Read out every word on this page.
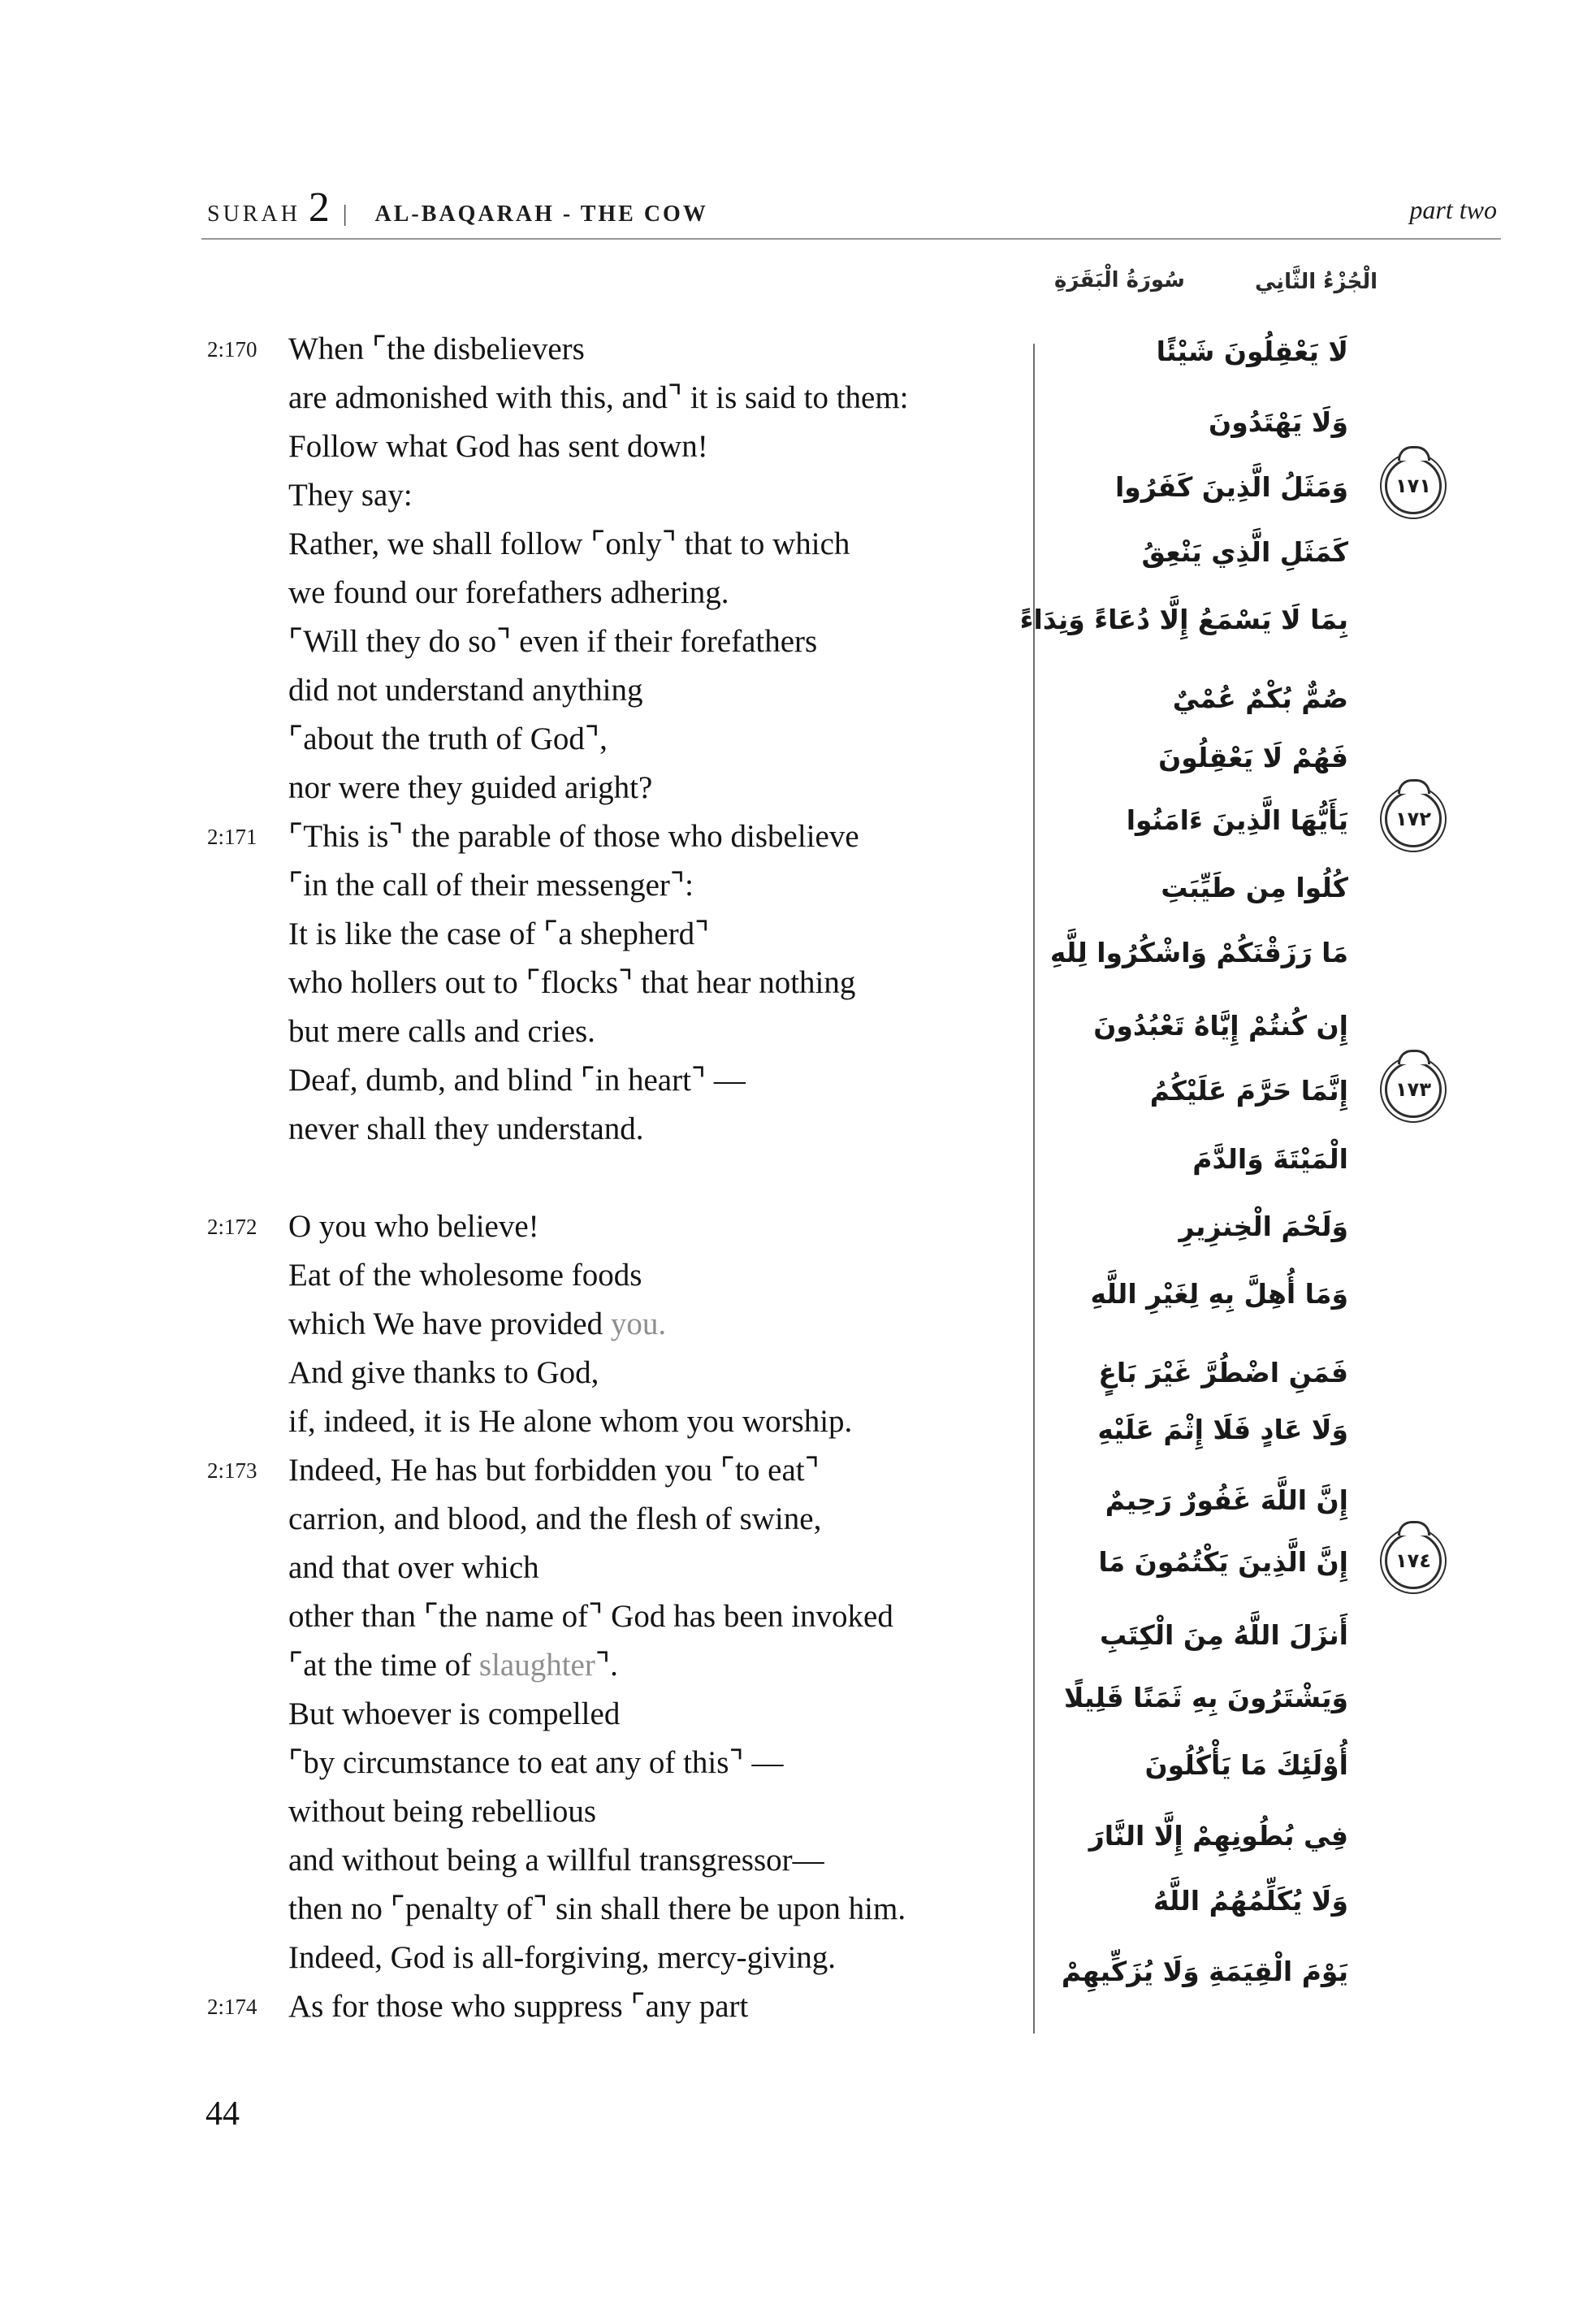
SURAH 2 | AL-BAQARAH - THE COW	part two
سُورَةُ الْبَقَرَةِ	الْجُزْءُ الثَّانِي
2:170 When ⌜the disbelievers
are admonished with this, and⌝ it is said to them:
Follow what God has sent down!
They say:
Rather, we shall follow ⌜only⌝ that to which
we found our forefathers adhering.
⌜Will they do so⌝ even if their forefathers
did not understand anything
⌜about the truth of God⌝,
nor were they guided aright?
2:171 ⌜This is⌝ the parable of those who disbelieve
⌜in the call of their messenger⌝:
It is like the case of ⌜a shepherd⌝
who hollers out to ⌜flocks⌝ that hear nothing
but mere calls and cries.
Deaf, dumb, and blind ⌜in heart⌝ —
never shall they understand.
2:172 O you who believe!
Eat of the wholesome foods
which We have provided you.
And give thanks to God,
if, indeed, it is He alone whom you worship.
2:173 Indeed, He has but forbidden you ⌜to eat⌝
carrion, and blood, and the flesh of swine,
and that over which
other than ⌜the name of⌝ God has been invoked
⌜at the time of slaughter⌝.
But whoever is compelled
⌜by circumstance to eat any of this⌝ —
without being rebellious
and without being a willful transgressor—
then no ⌜penalty of⌝ sin shall there be upon him.
Indeed, God is all-forgiving, mercy-giving.
2:174 As for those who suppress ⌜any part
لَا يَعْقِلُونَ شَيْئًا
وَلَا يَهْتَدُونَ
وَمَثَلُ الَّذِينَ كَفَرُوا	١٧١
كَمَثَلِ الَّذِي يَنْعِقُ
بِمَا لَا يَسْمَعُ إِلَّا دُعَاءً وَنِدَاءً
صُمٌّ بُكْمٌ عُمْيٌ
فَهُمْ لَا يَعْقِلُونَ
يَأَيُّهَا الَّذِينَ ءَامَنُوا	١٧٢
كُلُوا مِن طَيِّبَتِ
مَا رَزَقْنَكُمْ وَاشْكُرُوا لِلَّهِ
إِن كُنتُمْ إِيَّاهُ تَعْبُدُونَ
إِنَّمَا حَرَّمَ عَلَيْكُمُ	١٧٣
الْمَيْتَةَ وَالدَّمَ
وَلَحْمَ الْخِنزِيرِ
وَمَا أُهِلَّ بِهِ لِغَيْرِ اللَّهِ
فَمَنِ اضْطُرَّ غَيْرَ بَاغٍ
وَلَا عَادٍ فَلَا إِثْمَ عَلَيْهِ
إِنَّ اللَّهَ غَفُورٌ رَحِيمٌ
إِنَّ الَّذِينَ يَكْتُمُونَ مَا	١٧٤
أَنزَلَ اللَّهُ مِنَ الْكِتَبِ
وَيَشْتَرُونَ بِهِ ثَمَنًا قَلِيلًا
أُوْلَئِكَ مَا يَأْكُلُونَ
فِي بُطُونِهِمْ إِلَّا النَّارَ
وَلَا يُكَلِّمُهُمُ اللَّهُ
يَوْمَ الْقِيَمَةِ وَلَا يُزَكِّيهِمْ
44
